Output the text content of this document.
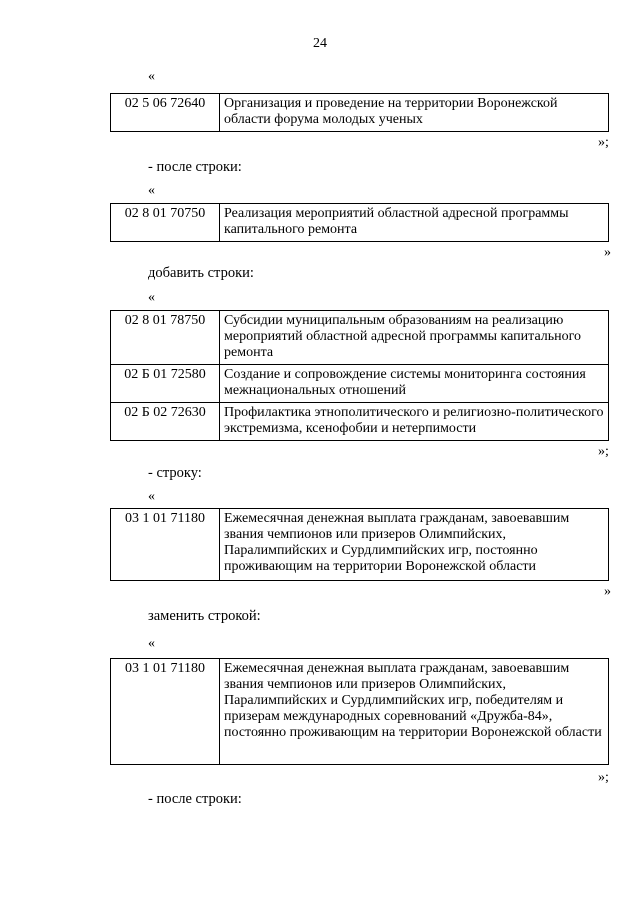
24
«
02 5 06 72640	Организация и проведение на территории Воронежской области форума молодых ученых
»;
- после строки:
«
02 8 01 70750	Реализация мероприятий областной адресной программы капитального ремонта
»
добавить строки:
«
02 8 01 78750	Субсидии муниципальным образованиям на реализацию мероприятий областной адресной программы капитального ремонта
02 Б 01 72580	Создание и сопровождение системы мониторинга состояния межнациональных отношений
02 Б 02 72630	Профилактика этнополитического и религиозно-политического экстремизма, ксенофобии и нетерпимости
»;
- строку:
«
03 1 01 71180	Ежемесячная денежная выплата гражданам, завоевавшим звания чемпионов или призеров Олимпийских, Паралимпийских и Сурдлимпийских игр, постоянно проживающим на территории Воронежской области
»
заменить строкой:
«
03 1 01 71180	Ежемесячная денежная выплата гражданам, завоевавшим звания чемпионов или призеров Олимпийских, Паралимпийских и Сурдлимпийских игр, победителям и призерам международных соревнований «Дружба-84», постоянно проживающим на территории Воронежской области
»;
- после строки:
